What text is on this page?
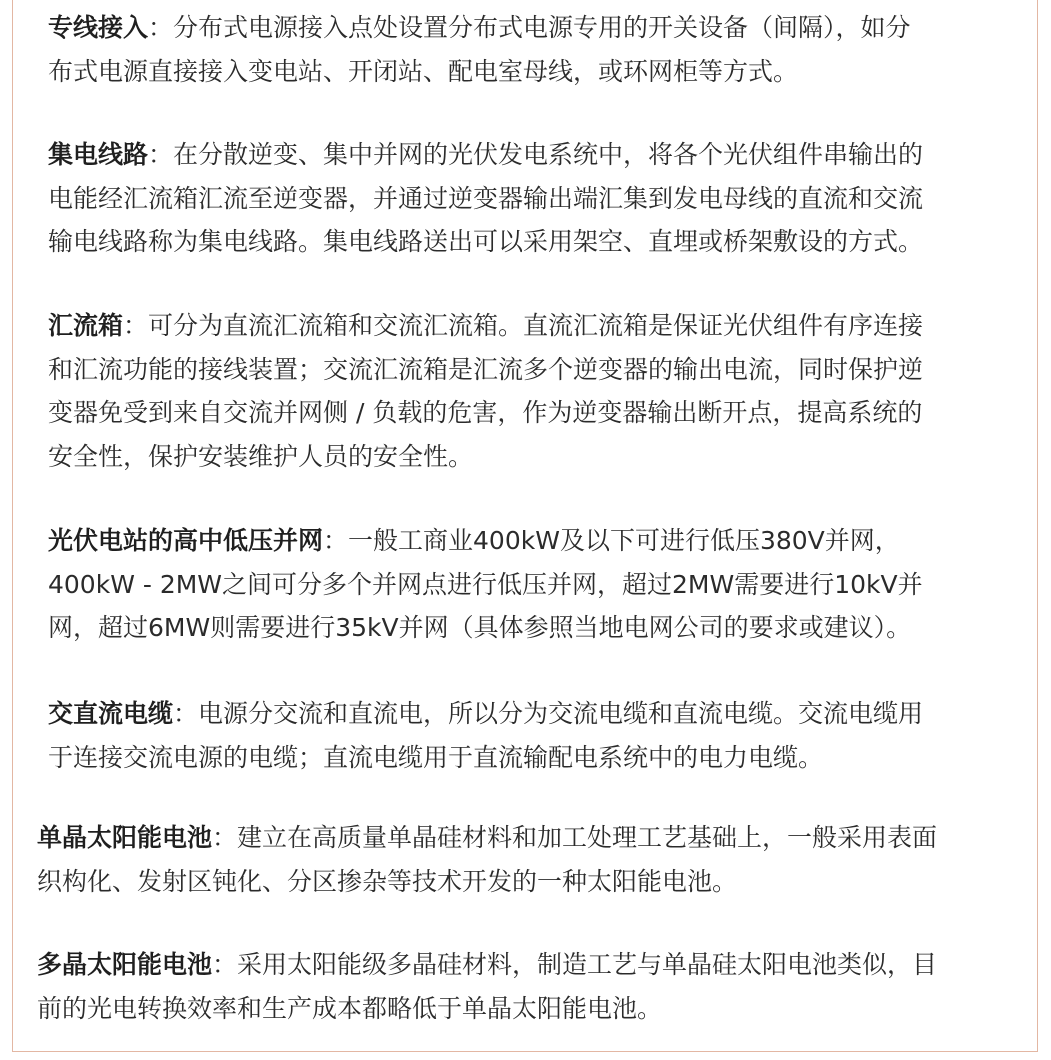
专线接入：分布式电源接入点处设置分布式电源专用的开关设备（间隔），如分
布式电源直接接入变电站、开闭站、配电室母线，或环网柜等方式。
集电线路：在分散逆变、集中并网的光伏发电系统中，将各个光伏组件串输出的
电能经汇流箱汇流至逆变器，并通过逆变器输出端汇集到发电母线的直流和交流
输电线路称为集电线路。集电线路送出可以采用架空、直埋或桥架敷设的方式。
汇流箱：可分为直流汇流箱和交流汇流箱。直流汇流箱是保证光伏组件有序连接
和汇流功能的接线装置；交流汇流箱是汇流多个逆变器的输出电流，同时保护逆
变器免受到来自交流并网侧 / 负载的危害，作为逆变器输出断开点，提高系统的
安全性，保护安装维护人员的安全性。
光伏电站的高中低压并网：一般工商业400kW及以下可进行低压380V并网，
400kW - 2MW之间可分多个并网点进行低压并网，超过2MW需要进行10kV并
网，超过6MW则需要进行35kV并网（具体参照当地电网公司的要求或建议）。
交直流电缆：电源分交流和直流电，所以分为交流电缆和直流电缆。交流电缆用
于连接交流电源的电缆；直流电缆用于直流输配电系统中的电力电缆。
单晶太阳能电池：建立在高质量单晶硅材料和加工处理工艺基础上，一般采用表面
织构化、发射区钝化、分区掺杂等技术开发的一种太阳能电池。
多晶太阳能电池：采用太阳能级多晶硅材料，制造工艺与单晶硅太阳电池类似，目
前的光电转换效率和生产成本都略低于单晶太阳能电池。
